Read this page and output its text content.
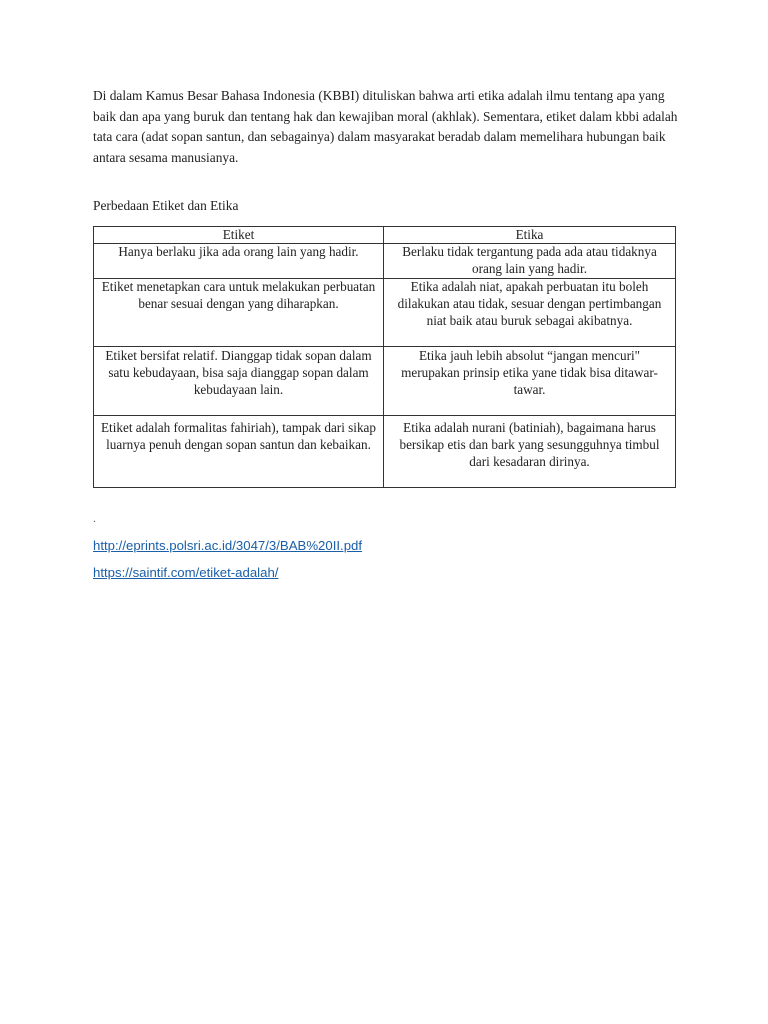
Di dalam Kamus Besar Bahasa Indonesia (KBBI) dituliskan bahwa arti etika adalah ilmu tentang apa yang baik dan apa yang buruk dan tentang hak dan kewajiban moral (akhlak). Sementara, etiket dalam kbbi adalah tata cara (adat sopan santun, dan sebagainya) dalam masyarakat beradab dalam memelihara hubungan baik antara sesama manusianya.

Perbedaan Etiket dan Etika

Etiket	Etika
Hanya berlaku jika ada orang lain yang hadir.	Berlaku tidak tergantung pada ada atau tidaknya orang lain yang hadir.
Etiket menetapkan cara untuk melakukan perbuatan benar sesuai dengan yang diharapkan.	Etika adalah niat, apakah perbuatan itu boleh dilakukan atau tidak, sesuar dengan pertimbangan niat baik atau buruk sebagai akibatnya.
Etiket bersifat relatif. Dianggap tidak sopan dalam satu kebudayaan, bisa saja dianggap sopan dalam kebudayaan lain.	Etika jauh lebih absolut “jangan mencuri" merupakan prinsip etika yane tidak bisa ditawar-tawar.
Etiket adalah formalitas fahiriah), tampak dari sikap luarnya penuh dengan sopan santun dan kebaikan.	Etika adalah nurani (batiniah), bagaimana harus bersikap etis dan bark yang sesungguhnya timbul dari kesadaran dirinya.
.
http://eprints.polsri.ac.id/3047/3/BAB%20II.pdf
https://saintif.com/etiket-adalah/
